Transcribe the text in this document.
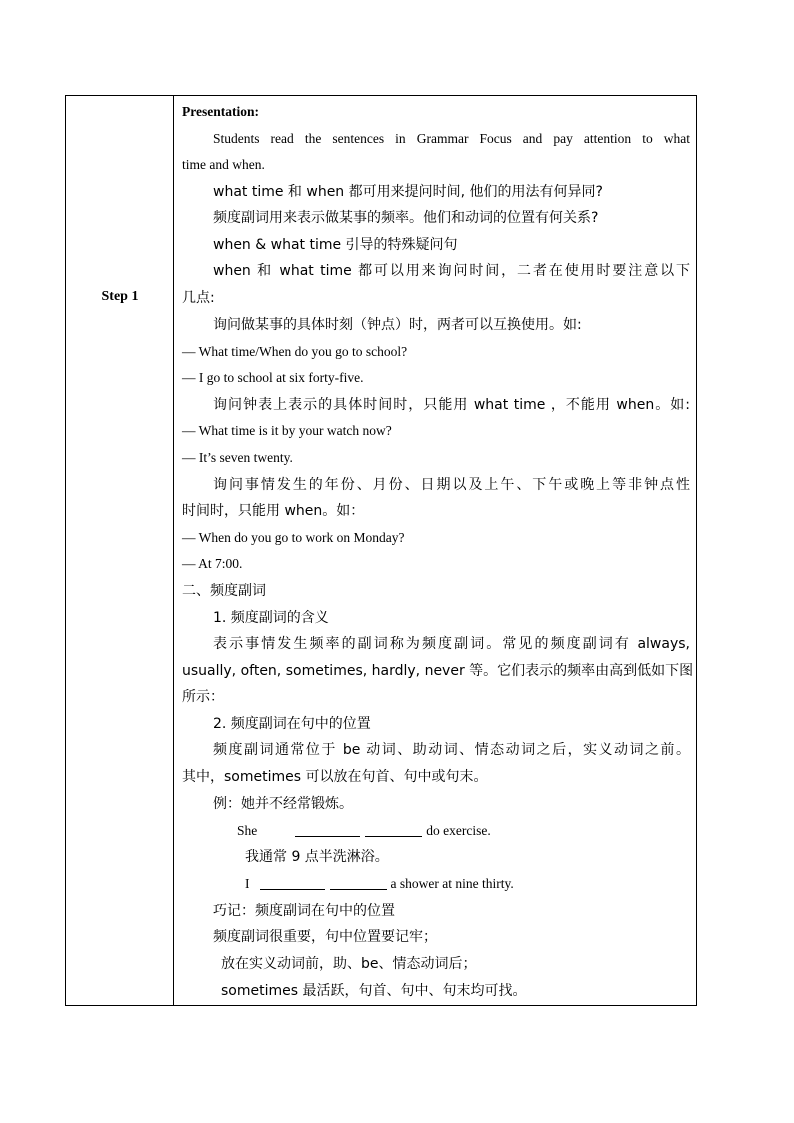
Step 1
Presentation:
Students read the sentences in Grammar Focus and pay attention to what
time and when.
what time 和 when 都可用来提问时间, 他们的用法有何异同?
频度副词用来表示做某事的频率。他们和动词的位置有何关系?
when & what time 引导的特殊疑问句
when 和 what time 都可以用来询问时间，二者在使用时要注意以下
几点:
询问做某事的具体时刻（钟点）时，两者可以互换使用。如:
— What time/When do you go to school?
— I go to school at six forty-five.
询问钟表上表示的具体时间时，只能用 what time ，不能用 when。如:
— What time is it by your watch now?
— It’s seven twenty.
询问事情发生的年份、月份、日期以及上午、下午或晚上等非钟点性
时间时，只能用 when。如：
— When do you go to work on Monday?
— At 7:00.
二、频度副词
1. 频度副词的含义
表示事情发生频率的副词称为频度副词。常见的频度副词有 always,
usually, often, sometimes, hardly, never 等。它们表示的频率由高到低如下图
所示：
2. 频度副词在句中的位置
频度副词通常位于 be 动词、助动词、情态动词之后，实义动词之前。
其中，sometimes 可以放在句首、句中或句末。
例：她并不经常锻炼。
She	do exercise.
我通常 9 点半洗淋浴。
I	a shower at nine thirty.
巧记：频度副词在句中的位置
频度副词很重要，句中位置要记牢；
放在实义动词前，助、be、情态动词后；
sometimes 最活跃，句首、句中、句末均可找。
